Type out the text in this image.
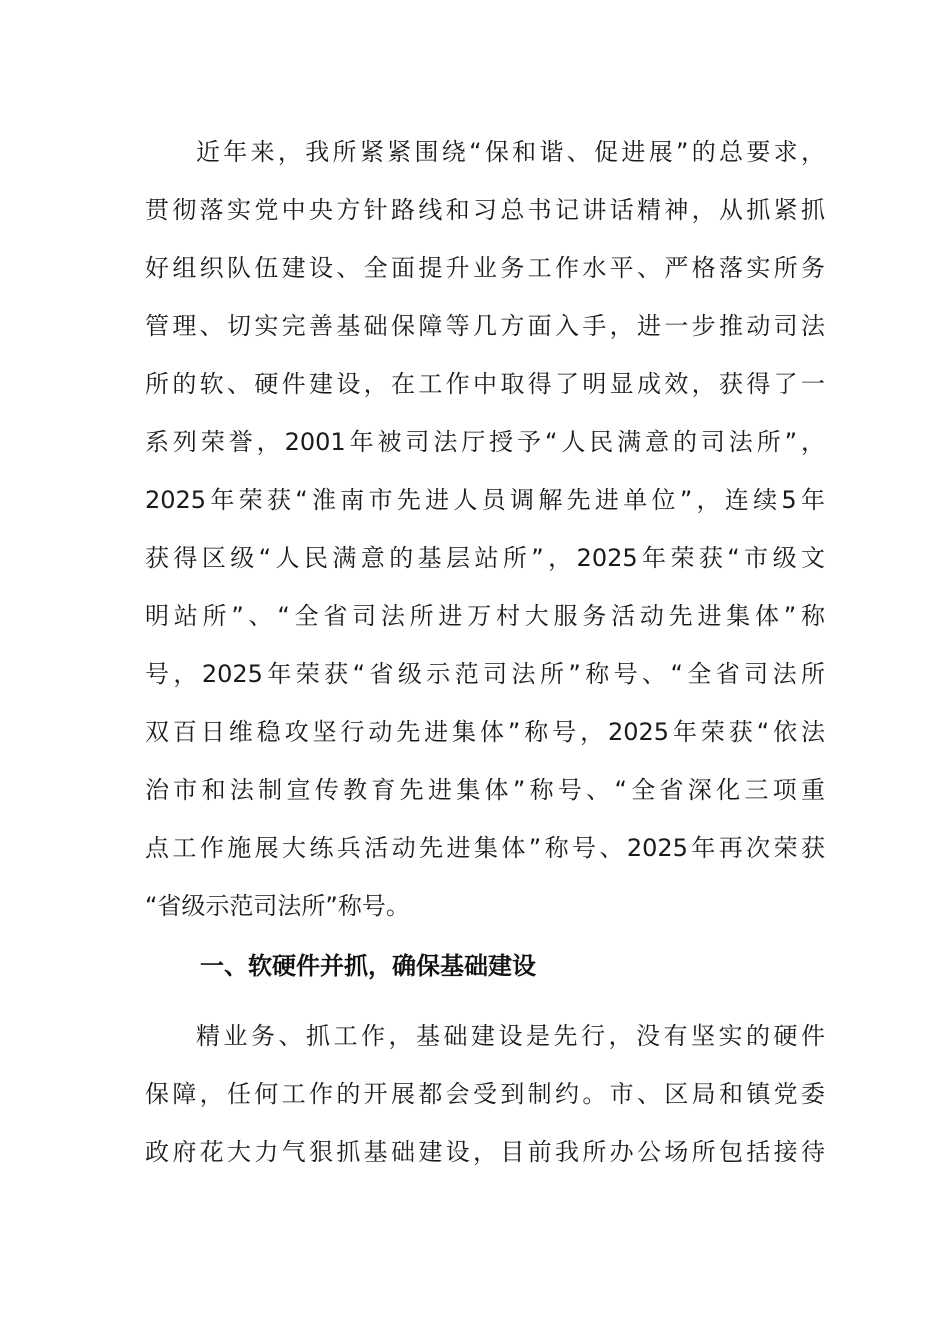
近年来，我所紧紧围绕“保和谐、促进展”的总要求，
贯彻落实党中央方针路线和习总书记讲话精神，从抓紧抓
好组织队伍建设、全面提升业务工作水平、严格落实所务
管理、切实完善基础保障等几方面入手，进一步推动司法
所的软、硬件建设，在工作中取得了明显成效，获得了一
系列荣誉，2001年被司法厅授予“人民满意的司法所”，
2025年荣获“淮南市先进人员调解先进单位”，连续5年
获得区级“人民满意的基层站所”，2025年荣获“市级文
明站所”、“全省司法所进万村大服务活动先进集体”称
号，2025年荣获“省级示范司法所”称号、“全省司法所
双百日维稳攻坚行动先进集体”称号，2025年荣获“依法
治市和法制宣传教育先进集体”称号、“全省深化三项重
点工作施展大练兵活动先进集体”称号、2025年再次荣获
“省级示范司法所”称号。
一、软硬件并抓，确保基础建设
精业务、抓工作，基础建设是先行，没有坚实的硬件
保障，任何工作的开展都会受到制约。市、区局和镇党委
政府花大力气狠抓基础建设，目前我所办公场所包括接待
